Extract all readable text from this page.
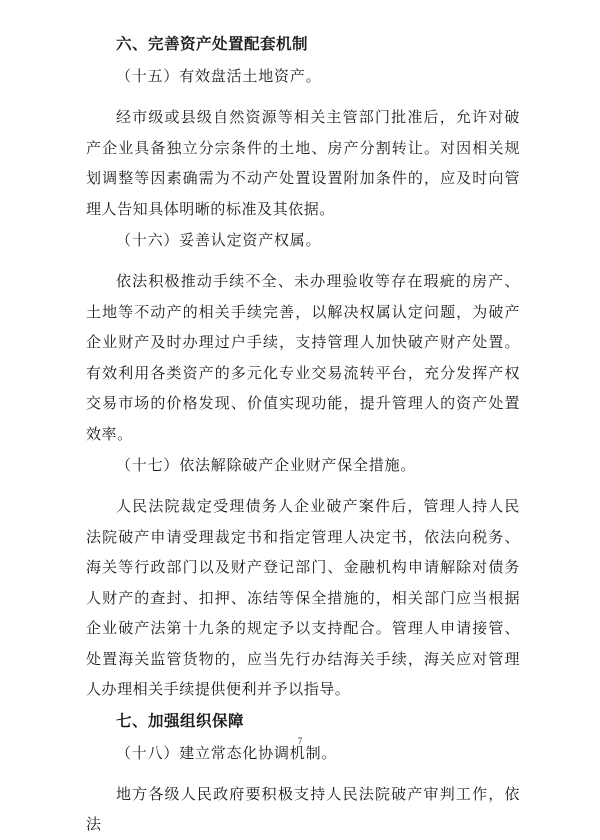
六、完善资产处置配套机制
（十五）有效盘活土地资产。

经市级或县级自然资源等相关主管部门批准后，允许对破产企业具备独立分宗条件的土地、房产分割转让。对因相关规划调整等因素确需为不动产处置设置附加条件的，应及时向管理人告知具体明晰的标准及其依据。

（十六）妥善认定资产权属。

依法积极推动手续不全、未办理验收等存在瑕疵的房产、土地等不动产的相关手续完善，以解决权属认定问题，为破产企业财产及时办理过户手续，支持管理人加快破产财产处置。有效利用各类资产的多元化专业交易流转平台，充分发挥产权交易市场的价格发现、价值实现功能，提升管理人的资产处置效率。

（十七）依法解除破产企业财产保全措施。

人民法院裁定受理债务人企业破产案件后，管理人持人民法院破产申请受理裁定书和指定管理人决定书，依法向税务、海关等行政部门以及财产登记部门、金融机构申请解除对债务人财产的查封、扣押、冻结等保全措施的，相关部门应当根据企业破产法第十九条的规定予以支持配合。管理人申请接管、处置海关监管货物的，应当先行办结海关手续，海关应对管理人办理相关手续提供便利并予以指导。

七、加强组织保障
（十八）建立常态化协调机制。

地方各级人民政府要积极支持人民法院破产审判工作，依法

7
